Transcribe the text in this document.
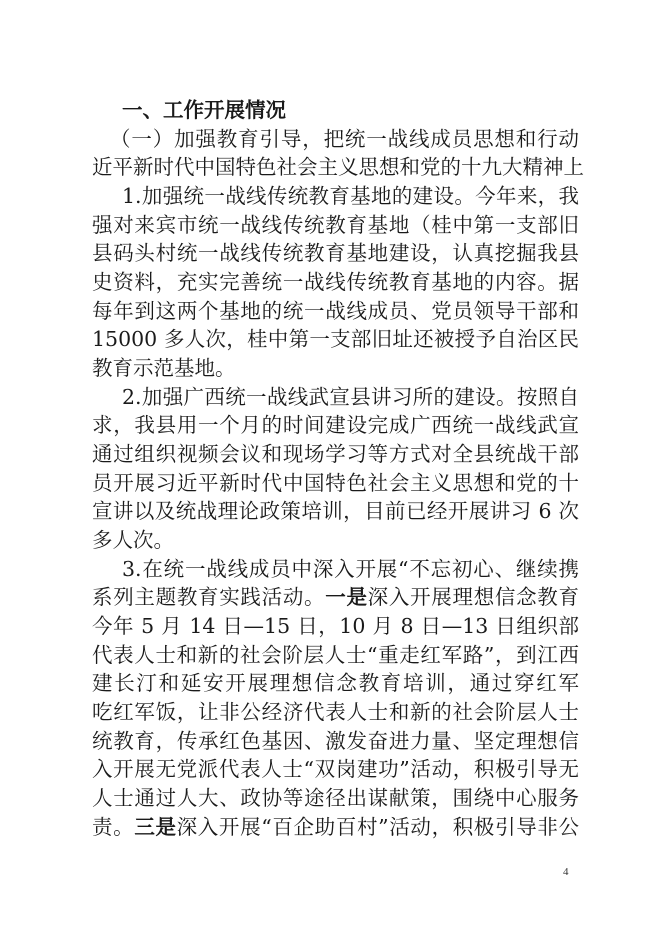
一、工作开展情况
（一）加强教育引导，把统一战线成员思想和行动
近平新时代中国特色社会主义思想和党的十九大精神上
1.加强统一战线传统教育基地的建设。今年来，我
强对来宾市统一战线传统教育基地（桂中第一支部旧
县码头村统一战线传统教育基地建设，认真挖掘我县
史资料，充实完善统一战线传统教育基地的内容。据
每年到这两个基地的统一战线成员、党员领导干部和
15000 多人次，桂中第一支部旧址还被授予自治区民
教育示范基地。
2.加强广西统一战线武宣县讲习所的建设。按照自
求，我县用一个月的时间建设完成广西统一战线武宣
通过组织视频会议和现场学习等方式对全县统战干部
员开展习近平新时代中国特色社会主义思想和党的十
宣讲以及统战理论政策培训，目前已经开展讲习 6 次
多人次。
3.在统一战线成员中深入开展“不忘初心、继续携
系列主题教育实践活动。一是深入开展理想信念教育
今年 5 月 14 日—15 日，10 月 8 日—13 日组织部
代表人士和新的社会阶层人士“重走红军路”，到江西
建长汀和延安开展理想信念教育培训，通过穿红军
吃红军饭，让非公经济代表人士和新的社会阶层人士
统教育，传承红色基因、激发奋进力量、坚定理想信
入开展无党派代表人士“双岗建功”活动，积极引导无
人士通过人大、政协等途径出谋献策，围绕中心服务
责。三是深入开展“百企助百村”活动，积极引导非公
4
